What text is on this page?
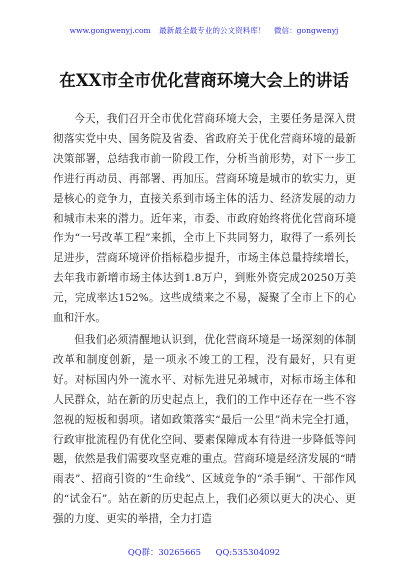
www.gongwenyj.com 最新最全最专业的公文资料库！ 微信：gongwenyj
在XX市全市优化营商环境大会上的讲话

今天，我们召开全市优化营商环境大会，主要任务是深入贯彻落实党中央、国务院及省委、省政府关于优化营商环境的最新决策部署，总结我市前一阶段工作，分析当前形势，对下一步工作进行再动员、再部署、再加压。营商环境是城市的软实力，更是核心的竞争力，直接关系到市场主体的活力、经济发展的动力和城市未来的潜力。近年来，市委、市政府始终将优化营商环境作为“一号改革工程”来抓，全市上下共同努力，取得了一系列长足进步，营商环境评价指标稳步提升，市场主体总量持续增长，去年我市新增市场主体达到1.8万户，到账外资完成20250万美元，完成率达152%。这些成绩来之不易，凝聚了全市上下的心血和汗水。

但我们必须清醒地认识到，优化营商环境是一场深刻的体制改革和制度创新，是一项永不竣工的工程，没有最好，只有更好。对标国内外一流水平、对标先进兄弟城市，对标市场主体和人民群众，站在新的历史起点上，我们的工作中还存在一些不容忽视的短板和弱项。诸如政策落实“最后一公里”尚未完全打通，行政审批流程仍有优化空间、要素保障成本有待进一步降低等问题，依然是我们需要攻坚克难的重点。营商环境是经济发展的“晴雨表”、招商引资的“生命线”、区域竞争的“杀手锏”、干部作风的“试金石”。站在新的历史起点上，我们必须以更大的决心、更强的力度、更实的举措，全力打造

QQ群：30265665 QQ:535304092
